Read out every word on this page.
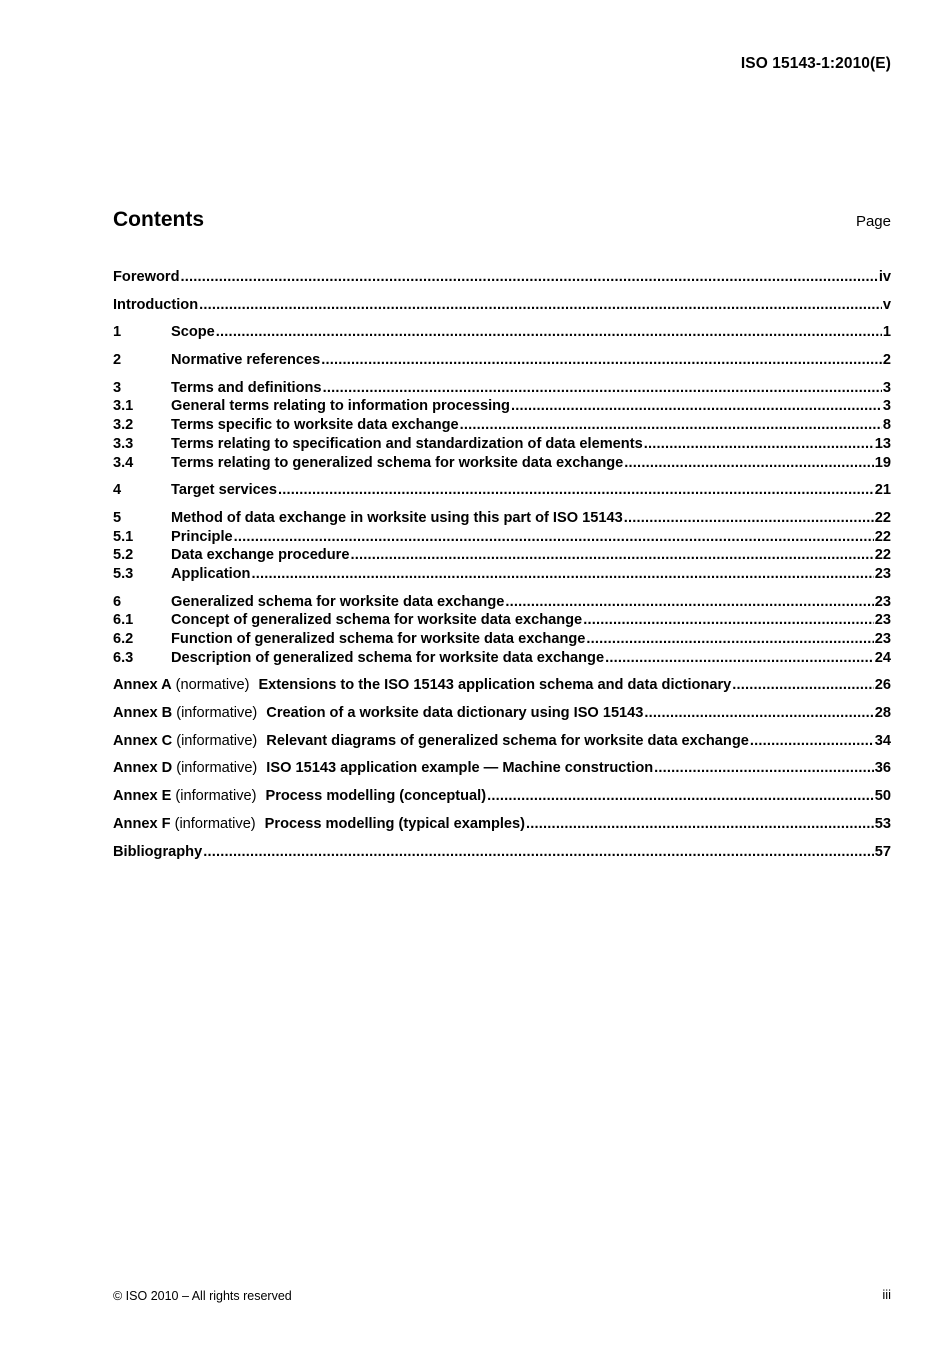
ISO 15143-1:2010(E)
Contents	Page
Foreword .....	iv
Introduction .....	v
1	Scope .....	1
2	Normative references .....	2
3	Terms and definitions .....	3
3.1	General terms relating to information processing .....	3
3.2	Terms specific to worksite data exchange .....	8
3.3	Terms relating to specification and standardization of data elements .....	13
3.4	Terms relating to generalized schema for worksite data exchange .....	19
4	Target services .....	21
5	Method of data exchange in worksite using this part of ISO 15143 .....	22
5.1	Principle .....	22
5.2	Data exchange procedure .....	22
5.3	Application .....	23
6	Generalized schema for worksite data exchange .....	23
6.1	Concept of generalized schema for worksite data exchange .....	23
6.2	Function of generalized schema for worksite data exchange .....	23
6.3	Description of generalized schema for worksite data exchange .....	24
Annex A (normative) Extensions to the ISO 15143 application schema and data dictionary .....	26
Annex B (informative) Creation of a worksite data dictionary using ISO 15143 .....	28
Annex C (informative) Relevant diagrams of generalized schema for worksite data exchange .....	34
Annex D (informative) ISO 15143 application example — Machine construction .....	36
Annex E (informative) Process modelling (conceptual) .....	50
Annex F (informative) Process modelling (typical examples) .....	53
Bibliography .....	57
© ISO 2010 – All rights reserved	iii
